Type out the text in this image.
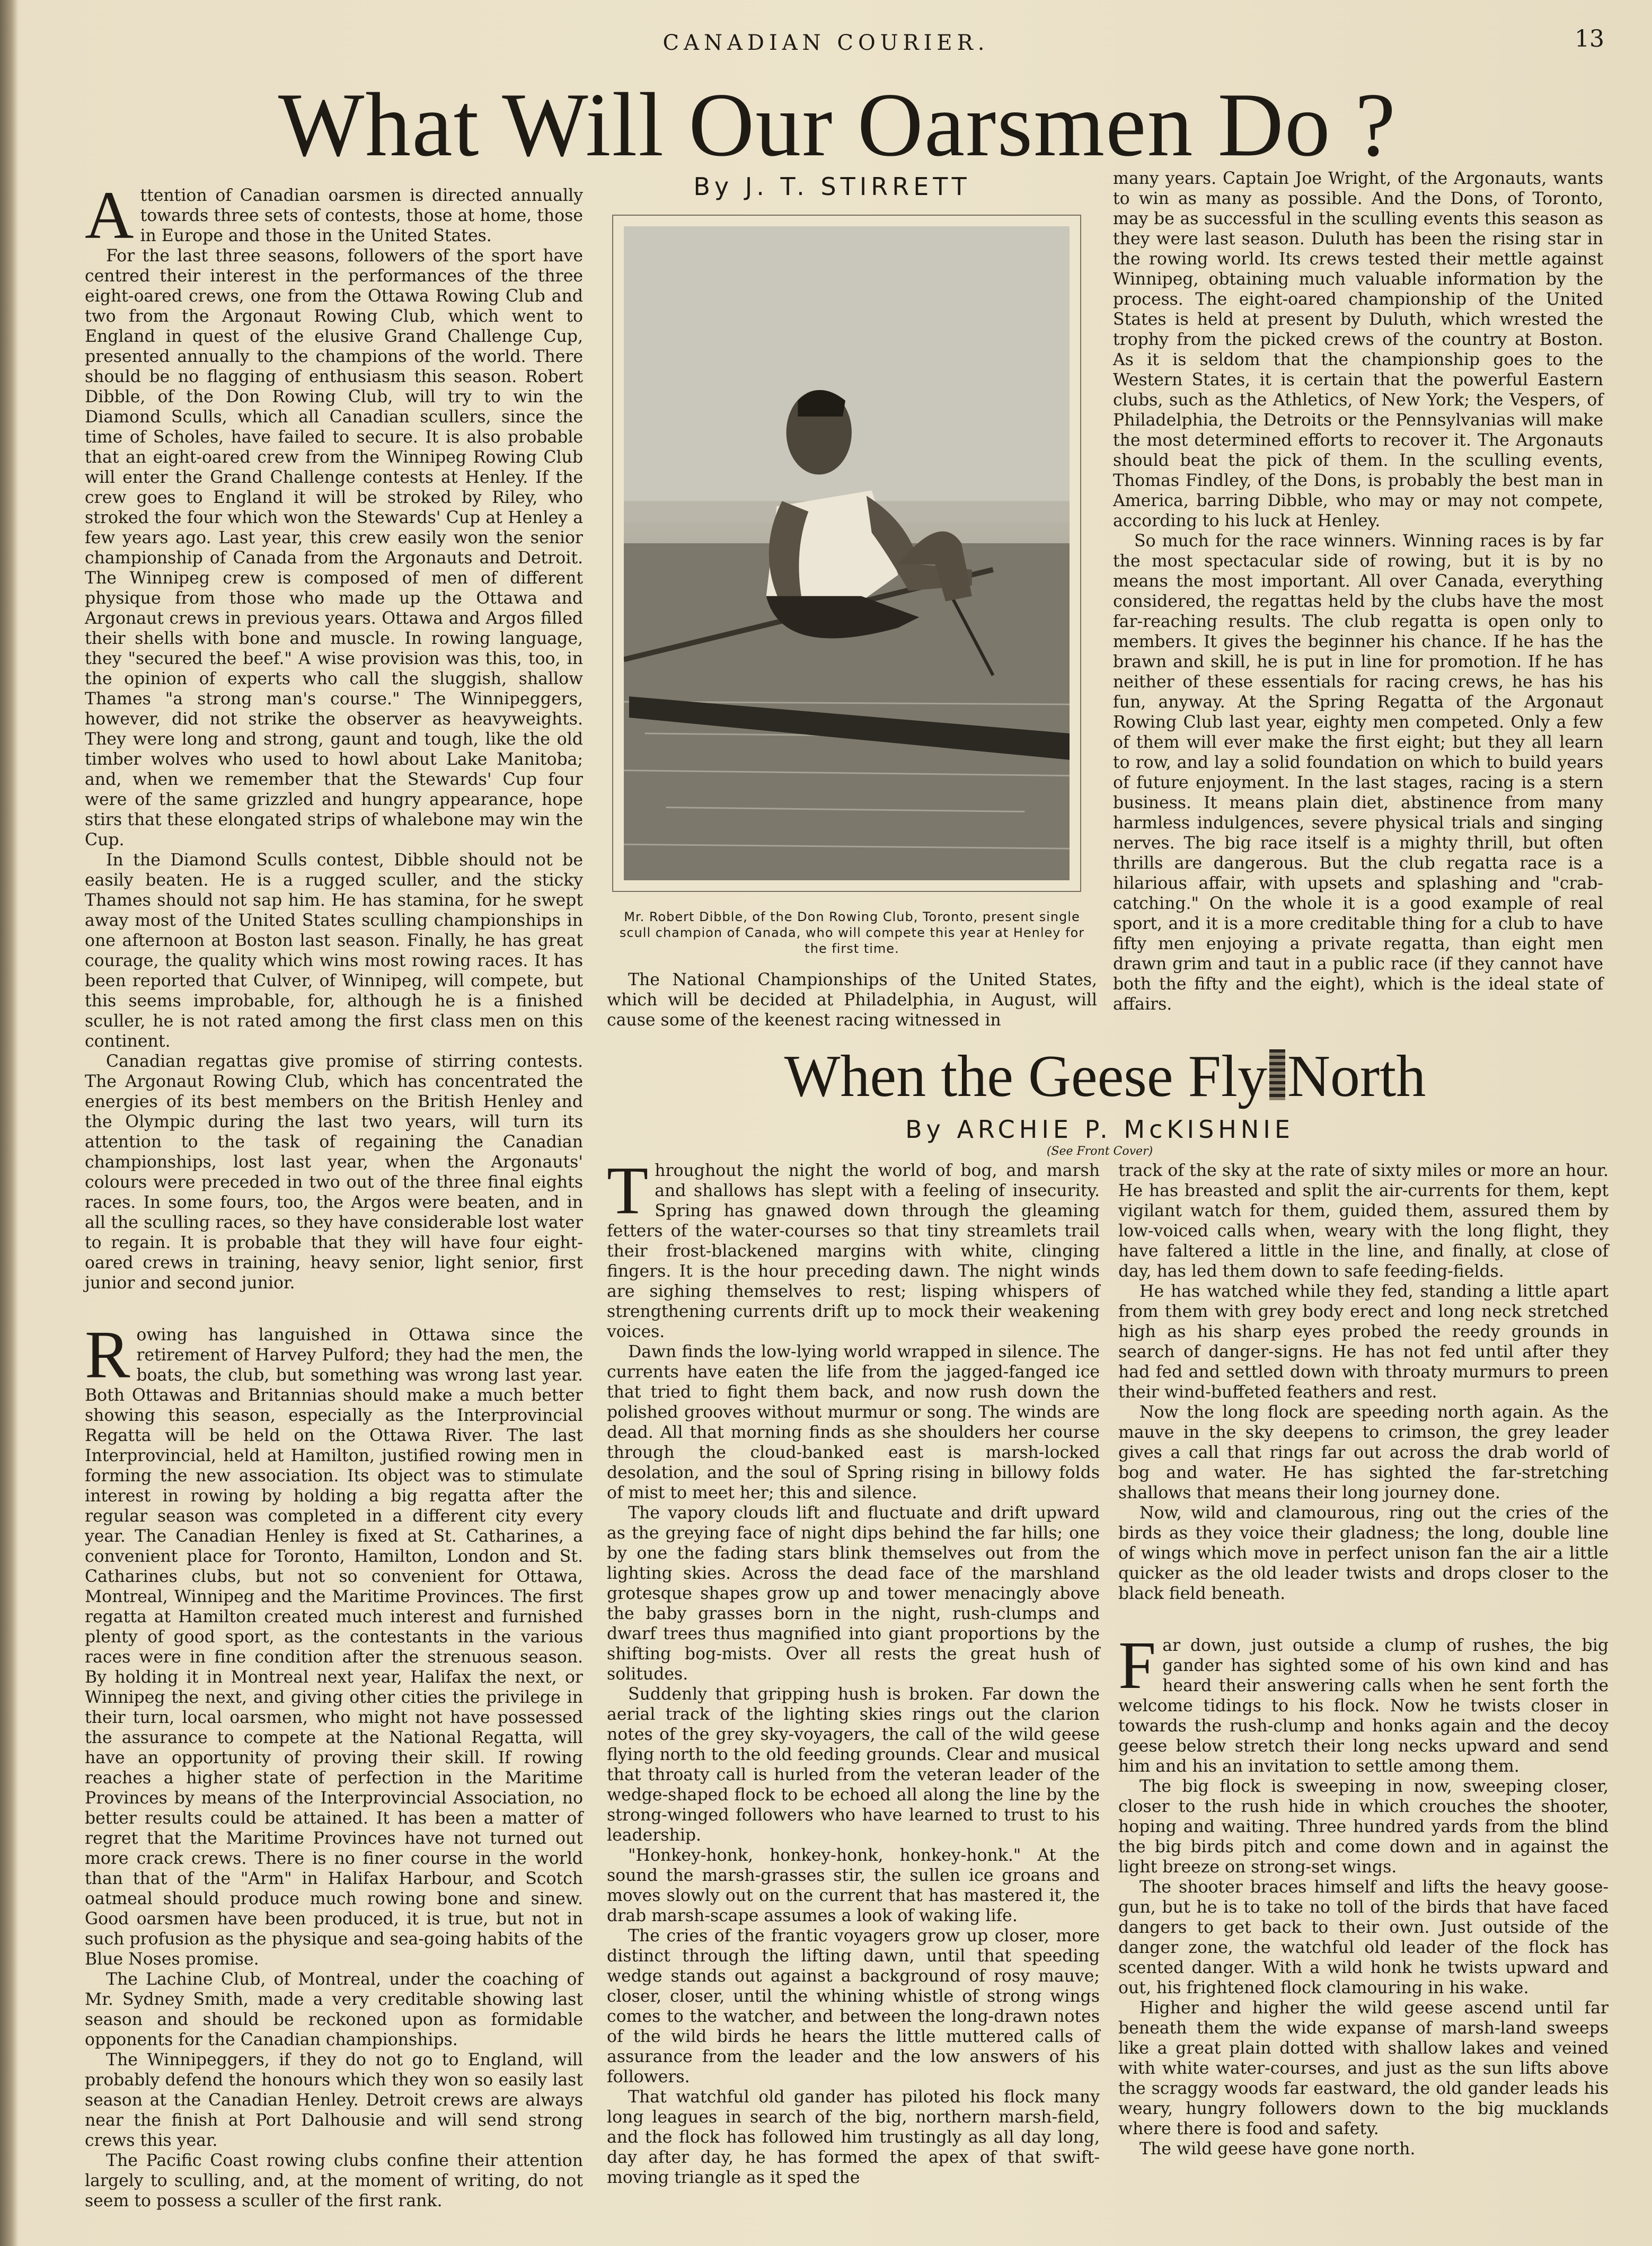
CANADIAN COURIER.	13
What Will Our Oarsmen Do ?
By J. T. STIRRETT

Attention of Canadian oarsmen is directed annually towards three sets of contests, those at home, those in Europe and those in the United States.

For the last three seasons, followers of the sport have centred their interest in the performances of the three eight-oared crews, one from the Ottawa Rowing Club and two from the Argonaut Rowing Club, which went to England in quest of the elusive Grand Challenge Cup, presented annually to the champions of the world. There should be no flagging of enthusiasm this season. Robert Dibble, of the Don Rowing Club, will try to win the Diamond Sculls, which all Canadian scullers, since the time of Scholes, have failed to secure. It is also probable that an eight-oared crew from the Winnipeg Rowing Club will enter the Grand Challenge contests at Henley. If the crew goes to England it will be stroked by Riley, who stroked the four which won the Stewards' Cup at Henley a few years ago. Last year, this crew easily won the senior championship of Canada from the Argonauts and Detroit. The Winnipeg crew is composed of men of different physique from those who made up the Ottawa and Argonaut crews in previous years. Ottawa and Argos filled their shells with bone and muscle. In rowing language, they "secured the beef." A wise provision was this, too, in the opinion of experts who call the sluggish, shallow Thames "a strong man's course." The Winnipeggers, however, did not strike the observer as heavyweights. They were long and strong, gaunt and tough, like the old timber wolves who used to howl about Lake Manitoba; and, when we remember that the Stewards' Cup four were of the same grizzled and hungry appearance, hope stirs that these elongated strips of whalebone may win the Cup.

In the Diamond Sculls contest, Dibble should not be easily beaten. He is a rugged sculler, and the sticky Thames should not sap him. He has stamina, for he swept away most of the United States sculling championships in one afternoon at Boston last season. Finally, he has great courage, the quality which wins most rowing races. It has been reported that Culver, of Winnipeg, will compete, but this seems improbable, for, although he is a finished sculler, he is not rated among the first class men on this continent.

Canadian regattas give promise of stirring contests. The Argonaut Rowing Club, which has concentrated the energies of its best members on the British Henley and the Olympic during the last two years, will turn its attention to the task of regaining the Canadian championships, lost last year, when the Argonauts' colours were preceded in two out of the three final eights races. In some fours, too, the Argos were beaten, and in all the sculling races, so they have considerable lost water to regain. It is probable that they will have four eight-oared crews in training, heavy senior, light senior, first junior and second junior.

Rowing has languished in Ottawa since the retirement of Harvey Pulford; they had the men, the boats, the club, but something was wrong last year. Both Ottawas and Britannias should make a much better showing this season, especially as the Interprovincial Regatta will be held on the Ottawa River. The last Interprovincial, held at Hamilton, justified rowing men in forming the new association. Its object was to stimulate interest in rowing by holding a big regatta after the regular season was completed in a different city every year. The Canadian Henley is fixed at St. Catharines, a convenient place for Toronto, Hamilton, London and St. Catharines clubs, but not so convenient for Ottawa, Montreal, Winnipeg and the Maritime Provinces. The first regatta at Hamilton created much interest and furnished plenty of good sport, as the contestants in the various races were in fine condition after the strenuous season. By holding it in Montreal next year, Halifax the next, or Winnipeg the next, and giving other cities the privilege in their turn, local oarsmen, who might not have possessed the assurance to compete at the National Regatta, will have an opportunity of proving their skill. If rowing reaches a higher state of perfection in the Maritime Provinces by means of the Interprovincial Association, no better results could be attained. It has been a matter of regret that the Maritime Provinces have not turned out more crack crews. There is no finer course in the world than that of the "Arm" in Halifax Harbour, and Scotch oatmeal should produce much rowing bone and sinew. Good oarsmen have been produced, it is true, but not in such profusion as the physique and sea-going habits of the Blue Noses promise.

The Lachine Club, of Montreal, under the coaching of Mr. Sydney Smith, made a very creditable showing last season and should be reckoned upon as formidable opponents for the Canadian championships.

The Winnipeggers, if they do not go to England, will probably defend the honours which they won so easily last season at the Canadian Henley. Detroit crews are always near the finish at Port Dalhousie and will send strong crews this year.

The Pacific Coast rowing clubs confine their attention largely to sculling, and, at the moment of writing, do not seem to possess a sculler of the first rank.

Mr. Robert Dibble, of the Don Rowing Club, Toronto, present single scull champion of Canada, who will compete this year at Henley for the first time.

The National Championships of the United States, which will be decided at Philadelphia, in August, will cause some of the keenest racing witnessed in

many years. Captain Joe Wright, of the Argonauts, wants to win as many as possible. And the Dons, of Toronto, may be as successful in the sculling events this season as they were last season. Duluth has been the rising star in the rowing world. Its crews tested their mettle against Winnipeg, obtaining much valuable information by the process. The eight-oared championship of the United States is held at present by Duluth, which wrested the trophy from the picked crews of the country at Boston. As it is seldom that the championship goes to the Western States, it is certain that the powerful Eastern clubs, such as the Athletics, of New York; the Vespers, of Philadelphia, the Detroits or the Pennsylvanias will make the most determined efforts to recover it. The Argonauts should beat the pick of them. In the sculling events, Thomas Findley, of the Dons, is probably the best man in America, barring Dibble, who may or may not compete, according to his luck at Henley.

So much for the race winners. Winning races is by far the most spectacular side of rowing, but it is by no means the most important. All over Canada, everything considered, the regattas held by the clubs have the most far-reaching results. The club regatta is open only to members. It gives the beginner his chance. If he has the brawn and skill, he is put in line for promotion. If he has neither of these essentials for racing crews, he has his fun, anyway. At the Spring Regatta of the Argonaut Rowing Club last year, eighty men competed. Only a few of them will ever make the first eight; but they all learn to row, and lay a solid foundation on which to build years of future enjoyment. In the last stages, racing is a stern business. It means plain diet, abstinence from many harmless indulgences, severe physical trials and singing nerves. The big race itself is a mighty thrill, but often thrills are dangerous. But the club regatta race is a hilarious affair, with upsets and splashing and "crab-catching." On the whole it is a good example of real sport, and it is a more creditable thing for a club to have fifty men enjoying a private regatta, than eight men drawn grim and taut in a public race (if they cannot have both the fifty and the eight), which is the ideal state of affairs.

When the Geese Fly North
By ARCHIE P. McKISHNIE
(See Front Cover)

Throughout the night the world of bog, and marsh and shallows has slept with a feeling of insecurity. Spring has gnawed down through the gleaming fetters of the water-courses so that tiny streamlets trail their frost-blackened margins with white, clinging fingers. It is the hour preceding dawn. The night winds are sighing themselves to rest; lisping whispers of strengthening currents drift up to mock their weakening voices.

Dawn finds the low-lying world wrapped in silence. The currents have eaten the life from the jagged-fanged ice that tried to fight them back, and now rush down the polished grooves without murmur or song. The winds are dead. All that morning finds as she shoulders her course through the cloud-banked east is marsh-locked desolation, and the soul of Spring rising in billowy folds of mist to meet her; this and silence.

The vapory clouds lift and fluctuate and drift upward as the greying face of night dips behind the far hills; one by one the fading stars blink themselves out from the lighting skies. Across the dead face of the marshland grotesque shapes grow up and tower menacingly above the baby grasses born in the night, rush-clumps and dwarf trees thus magnified into giant proportions by the shifting bog-mists. Over all rests the great hush of solitudes.

Suddenly that gripping hush is broken. Far down the aerial track of the lighting skies rings out the clarion notes of the grey sky-voyagers, the call of the wild geese flying north to the old feeding grounds. Clear and musical that throaty call is hurled from the veteran leader of the wedge-shaped flock to be echoed all along the line by the strong-winged followers who have learned to trust to his leadership.

"Honkey-honk, honkey-honk, honkey-honk." At the sound the marsh-grasses stir, the sullen ice groans and moves slowly out on the current that has mastered it, the drab marsh-scape assumes a look of waking life.

The cries of the frantic voyagers grow up closer, more distinct through the lifting dawn, until that speeding wedge stands out against a background of rosy mauve; closer, closer, until the whining whistle of strong wings comes to the watcher, and between the long-drawn notes of the wild birds he hears the little muttered calls of assurance from the leader and the low answers of his followers.

That watchful old gander has piloted his flock many long leagues in search of the big, northern marsh-field, and the flock has followed him trustingly as all day long, day after day, he has formed the apex of that swift-moving triangle as it sped the

track of the sky at the rate of sixty miles or more an hour. He has breasted and split the air-currents for them, kept vigilant watch for them, guided them, assured them by low-voiced calls when, weary with the long flight, they have faltered a little in the line, and finally, at close of day, has led them down to safe feeding-fields.

He has watched while they fed, standing a little apart from them with grey body erect and long neck stretched high as his sharp eyes probed the reedy grounds in search of danger-signs. He has not fed until after they had fed and settled down with throaty murmurs to preen their wind-buffeted feathers and rest.

Now the long flock are speeding north again. As the mauve in the sky deepens to crimson, the grey leader gives a call that rings far out across the drab world of bog and water. He has sighted the far-stretching shallows that means their long journey done.

Now, wild and clamourous, ring out the cries of the birds as they voice their gladness; the long, double line of wings which move in perfect unison fan the air a little quicker as the old leader twists and drops closer to the black field beneath.

Far down, just outside a clump of rushes, the big gander has sighted some of his own kind and has heard their answering calls when he sent forth the welcome tidings to his flock. Now he twists closer in towards the rush-clump and honks again and the decoy geese below stretch their long necks upward and send him and his an invitation to settle among them.

The big flock is sweeping in now, sweeping closer, closer to the rush hide in which crouches the shooter, hoping and waiting. Three hundred yards from the blind the big birds pitch and come down and in against the light breeze on strong-set wings.

The shooter braces himself and lifts the heavy goose-gun, but he is to take no toll of the birds that have faced dangers to get back to their own. Just outside of the danger zone, the watchful old leader of the flock has scented danger. With a wild honk he twists upward and out, his frightened flock clamouring in his wake.

Higher and higher the wild geese ascend until far beneath them the wide expanse of marsh-land sweeps like a great plain dotted with shallow lakes and veined with white water-courses, and just as the sun lifts above the scraggy woods far eastward, the old gander leads his weary, hungry followers down to the big mucklands where there is food and safety.

The wild geese have gone north.
